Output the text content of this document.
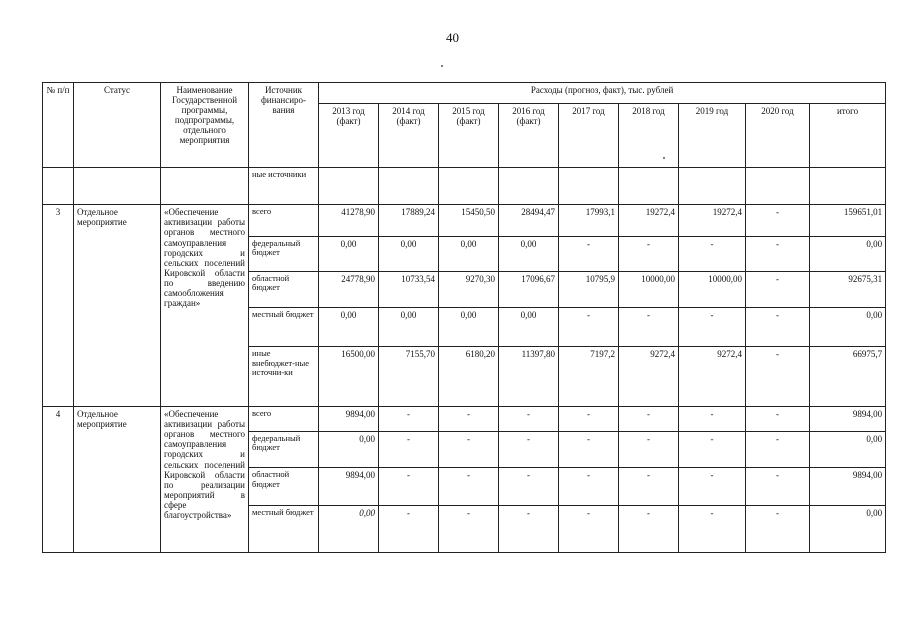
40
№ п/п	Статус	Наименование Государственной программы, подпрограммы, отдельного мероприятия	Источник финансиро-вания	Расходы (прогноз, факт), тыс. рублей								
				2013 год (факт)	2014 год (факт)	2015 год (факт)	2016 год (факт)	2017 год	2018 год	2019 год	2020 год	итого
			ные источники									
3	Отдельное мероприятие	«Обеспечение активизации работы органов местного самоуправления городских и сельских поселений Кировской области по введению самообложения граждан»	всего	41278,90	17889,24	15450,50	28494,47	17993,1	19272,4	19272,4	-	159651,01
			федеральный бюджет	0,00	0,00	0,00	0,00	-	-	-	-	0,00
			областной бюджет	24778,90	10733,54	9270,30	17096,67	10795,9	10000,00	10000,00	-	92675,31
			местный бюджет	0,00	0,00	0,00	0,00	-	-	-	-	0,00
			иные внебюджет-ные источни-ки	16500,00	7155,70	6180,20	11397,80	7197,2	9272,4	9272,4	-	66975,7
4	Отдельное мероприятие	«Обеспечение активизации работы органов местного самоуправления городских и сельских поселений Кировской области по реализации мероприятий в сфере благоустройства»	всего	9894,00	-	-	-	-	-	-	-	9894,00
			федеральный бюджет	0,00	-	-	-	-	-	-	-	0,00
			областной бюджет	9894,00	-	-	-	-	-	-	-	9894,00
			местный бюджет	0,00	-	-	-	-	-	-	-	0,00
